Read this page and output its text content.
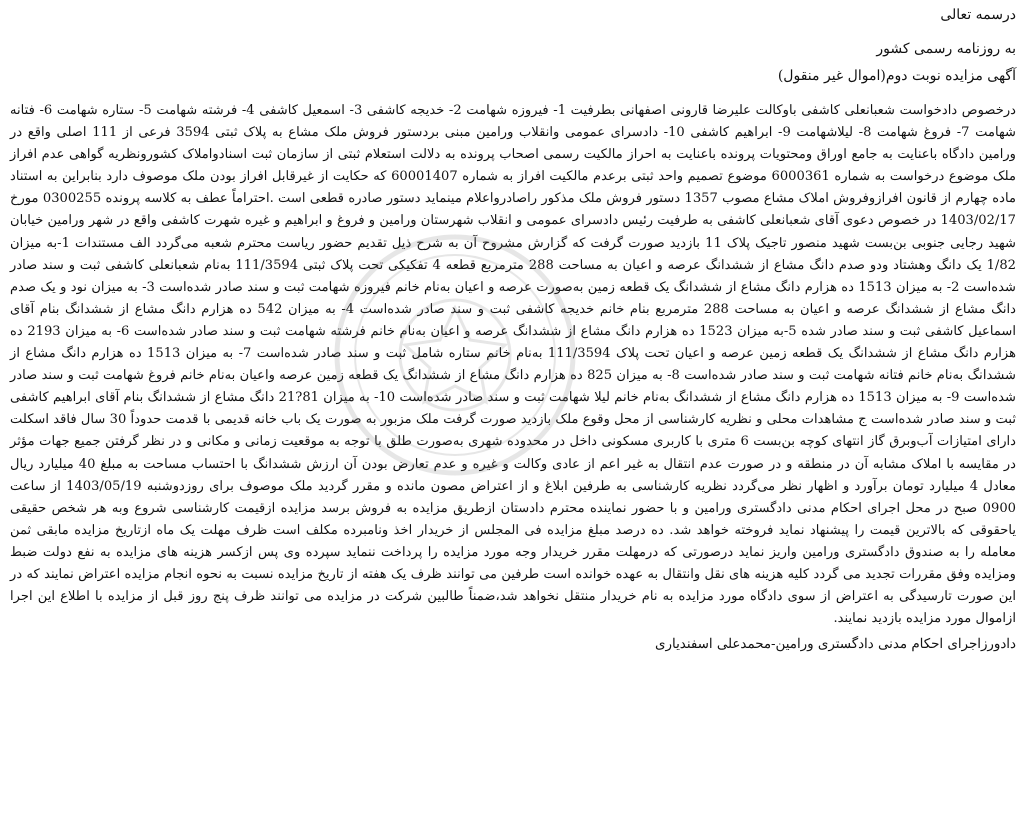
درسمه تعالی
به روزنامه رسمی کشور
آگهی مزایده نوبت دوم(اموال غیر منقول)
درخصوص دادخواست شعبانعلی کاشفی باوکالت علیرضا قارونی اصفهانی بطرفیت 1- فیروزه شهامت 2- خدیجه کاشفی 3- اسمعیل کاشفی 4- فرشته شهامت 5- ستاره شهامت 6- فتانه شهامت 7- فروغ شهامت 8- لیلاشهامت 9- ابراهیم کاشفی 10- دادسرای عمومی وانقلاب ورامین مبنی بردستور فروش ملک مشاع به پلاک ثبتی 3594 فرعی از 111 اصلی واقع در ورامین دادگاه باعنایت به جامع اوراق ومحتویات پرونده باعنایت به احراز مالکیت رسمی اصحاب پرونده به دلالت استعلام ثبتی از سازمان ثبت اسنادواملاک کشورونظریه گواهی عدم افراز ملک موضوع درخواست به شماره 6000361 موضوع تصمیم واحد ثبتی برعدم مالکیت افراز به شماره 60001407 که حکایت از غیرقابل افراز بودن ملک موصوف دارد بنابراین به استناد ماده چهارم از قانون افرازوفروش املاک مشاع مصوب 1357 دستور فروش ملک مذکور راصادرواعلام مینماید دستور صادره قطعی است .احتراماً عطف به کلاسه پرونده 0300255 مورخ 1403/02/17 در خصوص دعوی آقای شعبانعلی کاشفی به طرفیت رئیس دادسرای عمومی و انقلاب شهرستان ورامین و فروغ و ابراهیم و غیره شهرت کاشفی واقع در شهر ورامین خیابان شهید رجایی جنوبی بن‌بست شهید منصور تاجیک پلاک 11 بازدید صورت گرفت که گزارش مشروح آن به شرح ذیل تقدیم حضور ریاست محترم شعبه می‌گردد الف مستندات 1-به میزان 1/82 یک دانگ وهشتاد ودو صدم دانگ مشاع از ششدانگ عرصه و اعیان به مساحت 288 مترمربع قطعه 4 تفکیکی تحت پلاک ثبتی 111/3594 به‌نام شعبانعلی کاشفی ثبت و سند صادر شده‌است 2- به میزان 1513 ده هزارم دانگ مشاع از ششدانگ یک قطعه زمین به‌صورت عرصه و اعیان به‌نام خانم فیروزه شهامت ثبت و سند صادر شده‌است 3- به میزان نود و یک صدم دانگ مشاع از ششدانگ عرصه و اعیان به مساحت 288 مترمربع بنام خانم خدیجه کاشفی ثبت و سند صادر شده‌است 4- به میزان 542 ده هزارم دانگ مشاع از ششدانگ بنام آقای اسماعیل کاشفی ثبت و سند صادر شده 5-به میزان 1523 ده هزارم دانگ مشاع از ششدانگ عرصه و اعیان به‌نام خانم فرشته شهامت ثبت و سند صادر شده‌است 6- به میزان 2193 ده هزارم دانگ مشاع از ششدانگ یک قطعه زمین عرصه و اعیان تحت پلاک 111/3594 به‌نام خانم ستاره شامل ثبت و سند صادر شده‌است 7- به میزان 1513 ده هزارم دانگ مشاع از ششدانگ به‌نام خانم فتانه شهامت ثبت و سند صادر شده‌است 8- به میزان 825 ده هزارم دانگ مشاع از ششدانگ یک قطعه زمین عرصه واعیان به‌نام خانم فروغ شهامت ثبت و سند صادر شده‌است 9- به میزان 1513 ده هزارم دانگ مشاع از ششدانگ به‌نام خانم لیلا شهامت ثبت و سند صادر شده‌است 10- به میزان 81?21 دانگ مشاع از ششدانگ بنام آقای ابراهیم کاشفی ثبت و سند صادر شده‌است ج مشاهدات محلی و نظریه کارشناسی از محل وقوع ملک بازدید صورت گرفت ملک مزبور به صورت یک باب خانه قدیمی با قدمت حدوداً 30 سال فاقد اسکلت دارای امتیازات آب‌وبرق گاز انتهای کوچه بن‌بست 6 متری با کاربری مسکونی داخل در محدوده شهری به‌صورت طلق با توجه به موقعیت زمانی و مکانی و در نظر گرفتن جمیع جهات مؤثر در مقایسه با املاک مشابه آن در منطقه و در صورت عدم انتقال به غیر اعم از عادی وکالت و غیره و عدم تعارض بودن آن ارزش ششدانگ با احتساب مساحت به مبلغ 40 میلیارد ریال معادل 4 میلیارد تومان برآورد و اظهار نظر می‌گردد نظریه کارشناسی به طرفین ابلاغ و از اعتراض مصون مانده و مقرر گردید ملک موصوف برای روزدوشنبه 1403/05/19 از ساعت 0900 صبح در محل اجرای احکام مدنی دادگستری ورامین و با حضور نماینده محترم دادستان ازطریق مزایده به فروش برسد مزایده ازقیمت کارشناسی شروع وبه هر شخص حقیقی یاحقوقی که بالاترین قیمت را پیشنهاد نماید فروخته خواهد شد. ده درصد مبلغ مزایده فی المجلس از خریدار اخذ ونامبرده مکلف است ظرف مهلت یک ماه ازتاریخ مزایده مابقی ثمن معامله را به صندوق دادگستری ورامین واریز نماید درصورتی که درمهلت مقرر خریدار وجه مورد مزایده را پرداخت ننماید سپرده وی پس ازکسر هزینه های مزایده به نفع دولت ضبط ومزایده وفق مقررات تجدید می گردد کلیه هزینه های نقل وانتقال به عهده خوانده است طرفین می توانند ظرف یک هفته از تاریخ مزایده نسبت به نحوه انجام مزایده اعتراض نمایند که در این صورت تارسیدگی به اعتراض از سوی دادگاه مورد مزایده به نام خریدار منتقل نخواهد شد،ضمناً طالبین شرکت در مزایده می توانند ظرف پنج روز قبل از مزایده با اطلاع این اجرا ازاموال مورد مزایده بازدید نمایند.
دادورزاجرای احکام مدنی دادگستری ورامین-محمدعلی اسفندیاری
